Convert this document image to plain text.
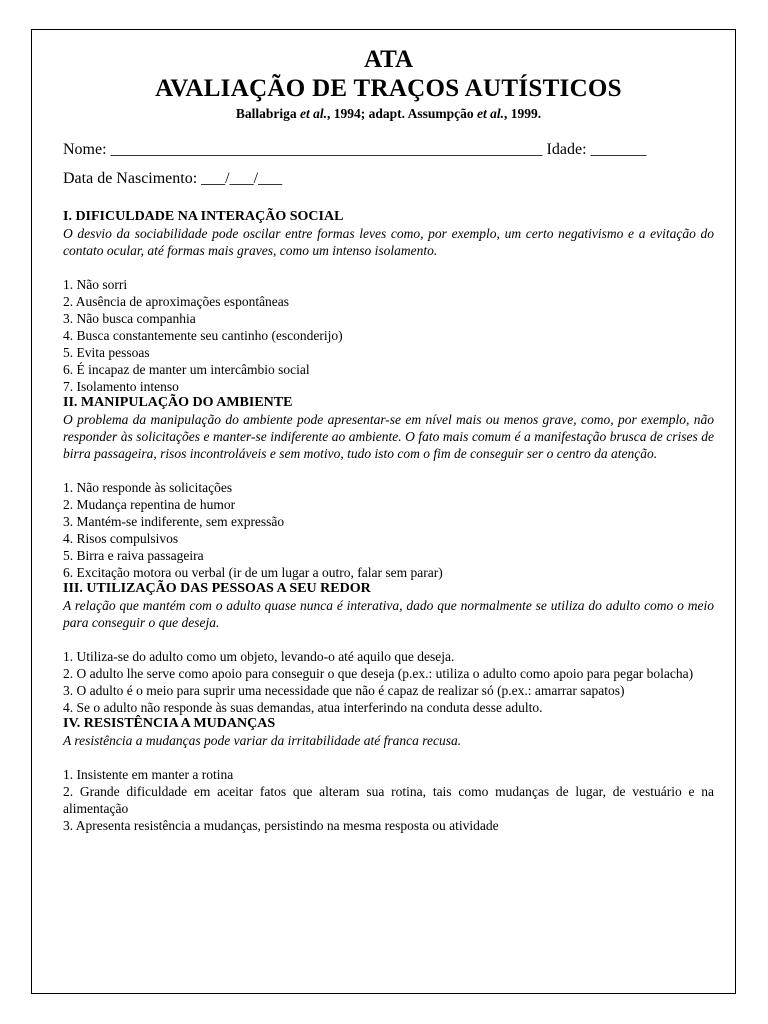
ATA
AVALIAÇÃO DE TRAÇOS AUTÍSTICOS

Ballabriga et al., 1994; adapt. Assumpção et al., 1999.

Nome: ______________________________________________________ Idade: _______
Data de Nascimento: ___/___/___

I. DIFICULDADE NA INTERAÇÃO SOCIAL

O desvio da sociabilidade pode oscilar entre formas leves como, por exemplo, um certo negativismo e a evitação do contato ocular, até formas mais graves, como um intenso isolamento.

1. Não sorri
2. Ausência de aproximações espontâneas
3. Não busca companhia
4. Busca constantemente seu cantinho (esconderijo)
5. Evita pessoas
6. É incapaz de manter um intercâmbio social
7. Isolamento intenso

II. MANIPULAÇÃO DO AMBIENTE

O problema da manipulação do ambiente pode apresentar-se em nível mais ou menos grave, como, por exemplo, não responder às solicitações e manter-se indiferente ao ambiente. O fato mais comum é a manifestação brusca de crises de birra passageira, risos incontroláveis e sem motivo, tudo isto com o fim de conseguir ser o centro da atenção.

1. Não responde às solicitações
2. Mudança repentina de humor
3. Mantém-se indiferente, sem expressão
4. Risos compulsivos
5. Birra e raiva passageira
6. Excitação motora ou verbal (ir de um lugar a outro, falar sem parar)

III. UTILIZAÇÃO DAS PESSOAS A SEU REDOR

A relação que mantém com o adulto quase nunca é interativa, dado que normalmente se utiliza do adulto como o meio para conseguir o que deseja.

1. Utiliza-se do adulto como um objeto, levando-o até aquilo que deseja.
2. O adulto lhe serve como apoio para conseguir o que deseja (p.ex.: utiliza o adulto como apoio para pegar bolacha)
3. O adulto é o meio para suprir uma necessidade que não é capaz de realizar só (p.ex.: amarrar sapatos)
4. Se o adulto não responde às suas demandas, atua interferindo na conduta desse adulto.

IV. RESISTÊNCIA A MUDANÇAS

A resistência a mudanças pode variar da irritabilidade até franca recusa.

1. Insistente em manter a rotina
2. Grande dificuldade em aceitar fatos que alteram sua rotina, tais como mudanças de lugar, de vestuário e na alimentação
3. Apresenta resistência a mudanças, persistindo na mesma resposta ou atividade
